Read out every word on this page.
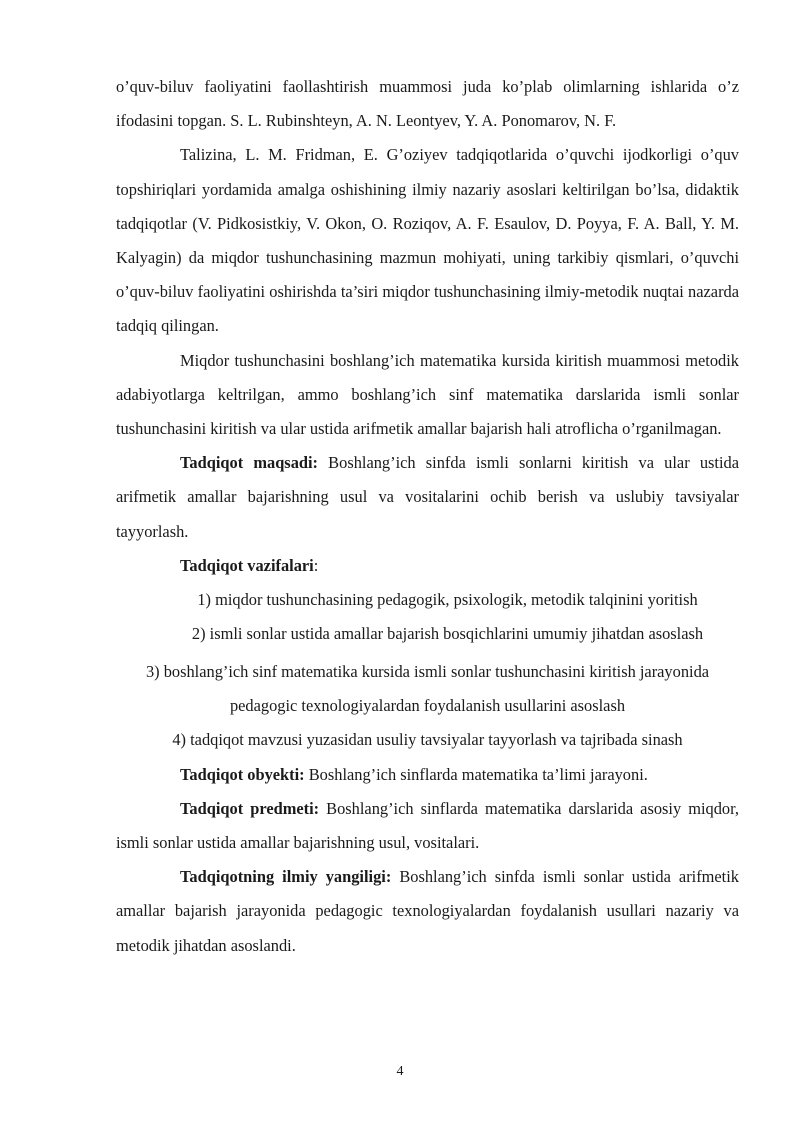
o’quv-biluv faoliyatini faollashtirish muammosi juda ko’plab olimlarning ishlarida o’z ifodasini topgan. S. L. Rubinshteyn, A. N. Leontyev, Y. A. Ponomarov, N. F.

Talizina, L. M. Fridman, E. G’oziyev tadqiqotlarida o’quvchi ijodkorligi o’quv topshiriqlari yordamida amalga oshishining ilmiy nazariy asoslari keltirilgan bo’lsa, didaktik tadqiqotlar (V. Pidkosistkiy, V. Okon, O. Roziqov, A. F. Esaulov, D. Poyya, F. A. Ball, Y. M. Kalyagin) da miqdor tushunchasining mazmun mohiyati, uning tarkibiy qismlari, o’quvchi o’quv-biluv faoliyatini oshirishda ta’siri miqdor tushunchasining ilmiy-metodik nuqtai nazarda tadqiq qilingan.

Miqdor tushunchasini boshlang’ich matematika kursida kiritish muammosi metodik adabiyotlarga keltrilgan, ammo boshlang’ich sinf matematika darslarida ismli sonlar tushunchasini kiritish va ular ustida arifmetik amallar bajarish hali atroflicha o’rganilmagan.

Tadqiqot maqsadi: Boshlang’ich sinfda ismli sonlarni kiritish va ular ustida arifmetik amallar bajarishning usul va vositalarini ochib berish va uslubiy tavsiyalar tayyorlash.

Tadqiqot vazifalari:

1) miqdor tushunchasining pedagogik, psixologik, metodik talqinini yoritish

2) ismli sonlar ustida amallar bajarish bosqichlarini umumiy jihatdan asoslash

3) boshlang’ich sinf matematika kursida ismli sonlar tushunchasini kiritish jarayonida pedagogic texnologiyalardan foydalanish usullarini asoslash

4) tadqiqot mavzusi yuzasidan usuliy tavsiyalar tayyorlash va tajribada sinash

Tadqiqot obyekti: Boshlang’ich sinflarda matematika ta’limi jarayoni.

Tadqiqot predmeti: Boshlang’ich sinflarda matematika darslarida asosiy miqdor, ismli sonlar ustida amallar bajarishning usul, vositalari.

Tadqiqotning ilmiy yangiligi: Boshlang’ich sinfda ismli sonlar ustida arifmetik amallar bajarish jarayonida pedagogic texnologiyalardan foydalanish usullari nazariy va metodik jihatdan asoslandi.

4
